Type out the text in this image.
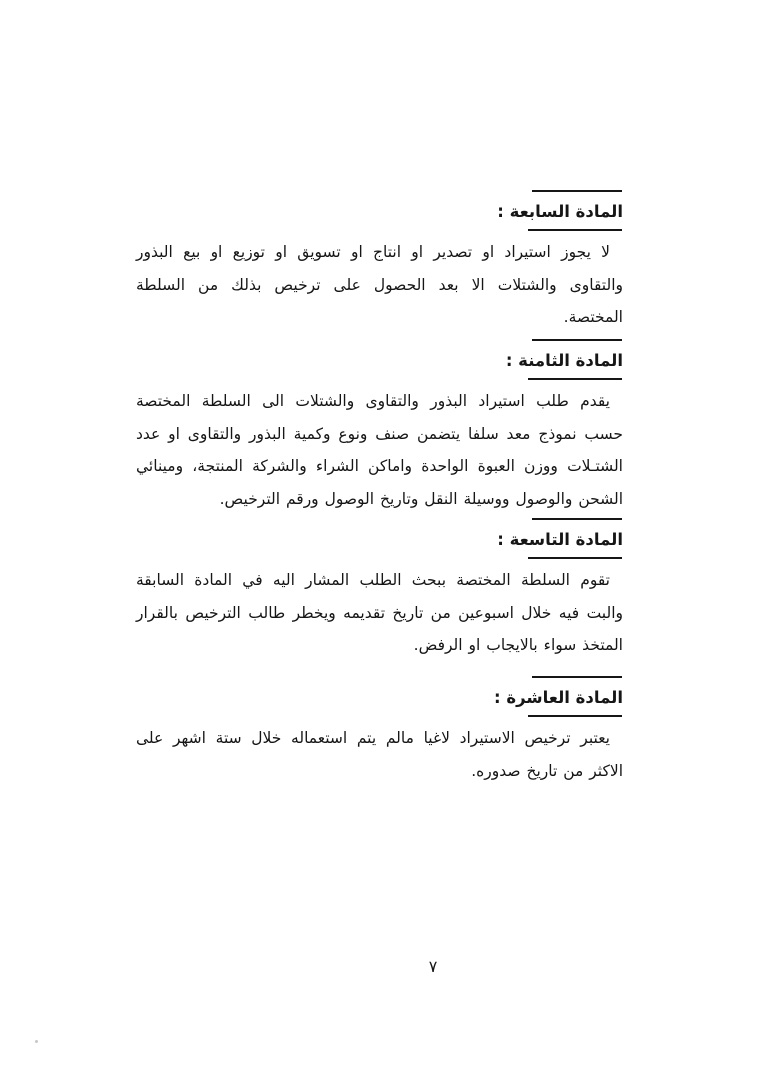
المادة السابعة :

لا يجوز استيراد او تصدير او انتاج او تسويق او توزيع او بيع البذور والتقاوى والشتلات الا بعد الحصول على ترخيص بذلك من السلطة المختصة.

المادة الثامنة :

يقدم طلب استيراد البذور والتقاوى والشتلات الى السلطة المختصة حسب نموذج معد سلفا يتضمن صنف ونوع وكمية البذور والتقاوى او عدد الشتـلات ووزن العبوة الواحدة واماكن الشراء والشركة المنتجة، ومينائي الشحن والوصول ووسيلة النقل وتاريخ الوصول ورقم الترخيص.

المادة التاسعة :

تقوم السلطة المختصة ببحث الطلب المشار اليه في المادة السابقة والبت فيه خلال اسبوعين من تاريخ تقديمه ويخطر طالب الترخيص بالقرار المتخذ سواء بالايجاب او الرفض.

المادة العاشرة :

يعتبر ترخيص الاستيراد لاغيا مالم يتم استعماله خلال ستة اشهر على الاكثر من تاريخ صدوره.

٧
